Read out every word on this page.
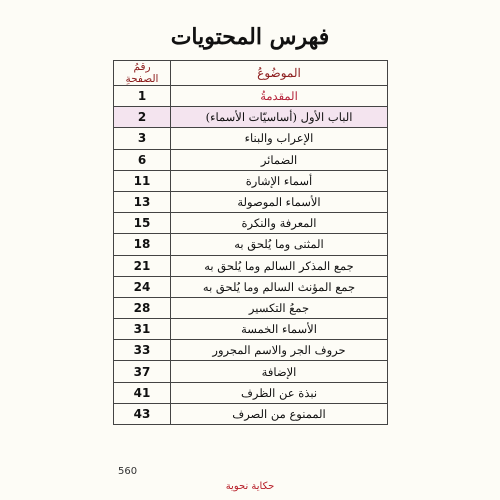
فهرس المحتويات
الموضُوعُ	رقمُ الصفحةِ
المقدمةُ	1
الباب الأول (أساسيّات الأسماء)	2
الإعراب والبناء	3
الضمائر	6
أسماء الإشارة	11
الأسماء الموصولة	13
المعرفة والنكرة	15
المثنى وما يُلحق به	18
جمع المذكر السالم وما يُلحق به	21
جمع المؤنث السالم وما يُلحق به	24
جمعُ التكسير	28
الأسماء الخمسة	31
حروف الجر والاسم المجرور	33
الإضافة	37
نبذة عن الظرف	41
الممنوع من الصرف	43
560
حكاية نحوية
